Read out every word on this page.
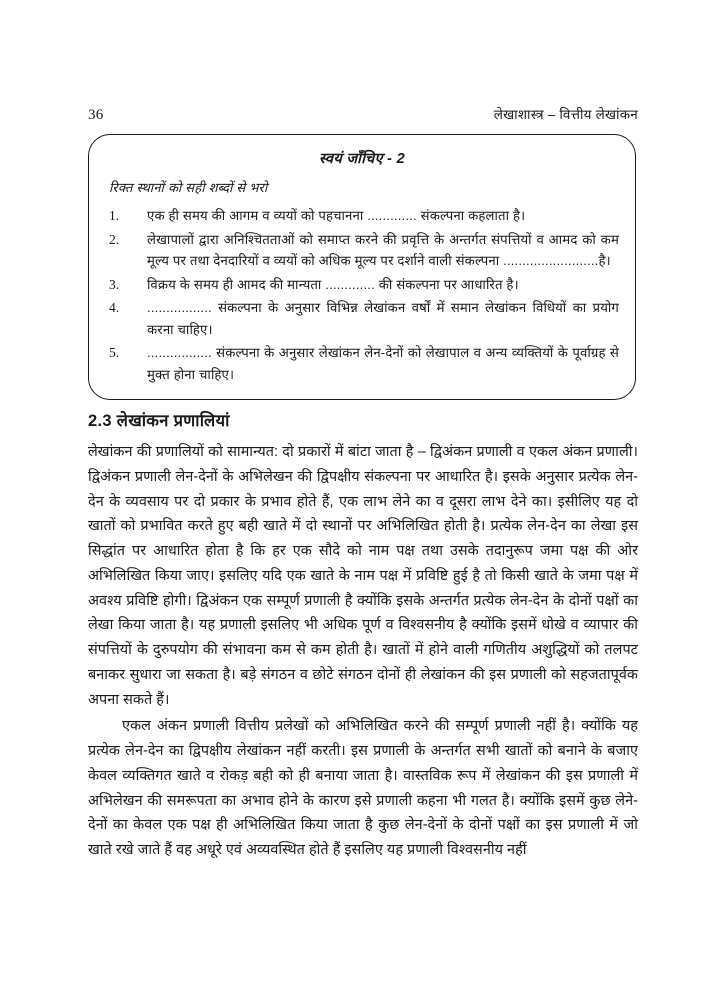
36	लेखाशास्त्र – वित्तीय लेखांकन
स्वयं जाँचिए - 2
रिक्त स्थानों को सही शब्दों से भरो
1.	एक ही समय की आगम व व्ययों को पहचानना ............. संकल्पना कहलाता है।
2.	लेखापालों द्वारा अनिश्चितताओं को समाप्त करने की प्रवृत्ति के अन्तर्गत संपत्तियों व आमद को कम मूल्य पर तथा देनदारियों व व्ययों को अधिक मूल्य पर दर्शाने वाली संकल्पना .........................है।
3.	विक्रय के समय ही आमद की मान्यता ............. की संकल्पना पर आधारित है।
4.	................. संकल्पना के अनुसार विभिन्न लेखांकन वर्षों में समान लेखांकन विधियों का प्रयोग करना चाहिए।
5.	................. संकल्पना के अनुसार लेखांकन लेन-देनों को लेखापाल व अन्य व्यक्तियों के पूर्वाग्रह से मुक्त होना चाहिए।
2.3 लेखांकन प्रणालियां

लेखांकन की प्रणालियों को सामान्यत: दो प्रकारों में बांटा जाता है – द्विअंकन प्रणाली व एकल अंकन प्रणाली। द्विअंकन प्रणाली लेन-देनों के अभिलेखन की द्विपक्षीय संकल्पना पर आधारित है। इसके अनुसार प्रत्येक लेन-देन के व्यवसाय पर दो प्रकार के प्रभाव होते हैं, एक लाभ लेने का व दूसरा लाभ देने का। इसीलिए यह दो खातों को प्रभावित करते हुए बही खाते में दो स्थानों पर अभिलिखित होती है। प्रत्येक लेन-देन का लेखा इस सिद्धांत पर आधारित होता है कि हर एक सौदे को नाम पक्ष तथा उसके तदानुरूप जमा पक्ष की ओर अभिलिखित किया जाए। इसलिए यदि एक खाते के नाम पक्ष में प्रविष्टि हुई है तो किसी खाते के जमा पक्ष में अवश्य प्रविष्टि होगी। द्विअंकन एक सम्पूर्ण प्रणाली है क्योंकि इसके अन्तर्गत प्रत्येक लेन-देन के दोनों पक्षों का लेखा किया जाता है। यह प्रणाली इसलिए भी अधिक पूर्ण व विश्वसनीय है क्योंकि इसमें धोखे व व्यापार की संपत्तियों के दुरुपयोग की संभावना कम से कम होती है। खातों में होने वाली गणितीय अशुद्धियों को तलपट बनाकर सुधारा जा सकता है। बड़े संगठन व छोटे संगठन दोनों ही लेखांकन की इस प्रणाली को सहजतापूर्वक अपना सकते हैं।

एकल अंकन प्रणाली वित्तीय प्रलेखों को अभिलिखित करने की सम्पूर्ण प्रणाली नहीं है। क्योंकि यह प्रत्येक लेन-देन का द्विपक्षीय लेखांकन नहीं करती। इस प्रणाली के अन्तर्गत सभी खातों को बनाने के बजाए केवल व्यक्तिगत खाते व रोकड़ बही को ही बनाया जाता है। वास्तविक रूप में लेखांकन की इस प्रणाली में अभिलेखन की समरूपता का अभाव होने के कारण इसे प्रणाली कहना भी गलत है। क्योंकि इसमें कुछ लेने-देनों का केवल एक पक्ष ही अभिलिखित किया जाता है कुछ लेन-देनों के दोनों पक्षों का इस प्रणाली में जो खाते रखे जाते हैं वह अधूरे एवं अव्यवस्थित होते हैं इसलिए यह प्रणाली विश्वसनीय नहीं
